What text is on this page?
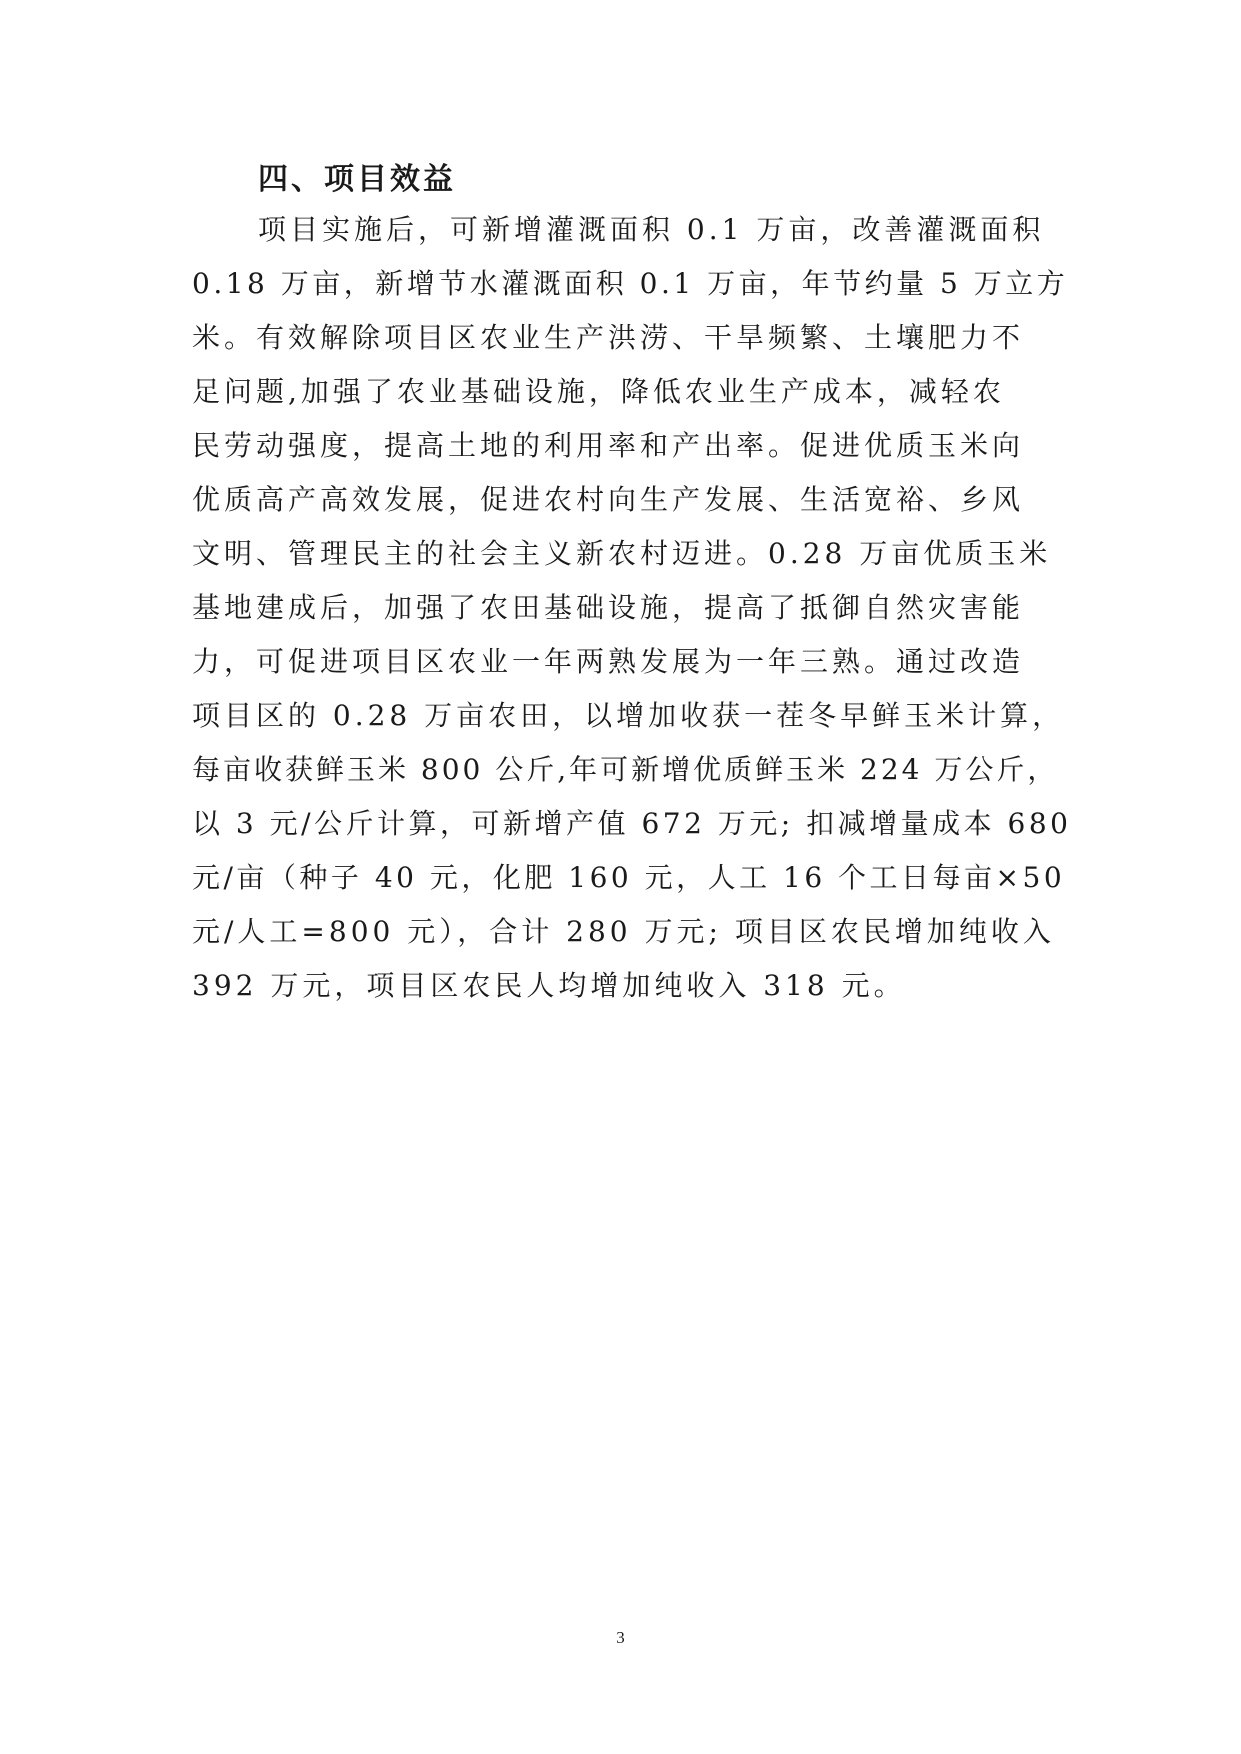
四、项目效益
项目实施后，可新增灌溉面积 0.1 万亩，改善灌溉面积
0.18 万亩，新增节水灌溉面积 0.1 万亩，年节约量 5 万立方
米。有效解除项目区农业生产洪涝、干旱频繁、土壤肥力不
足问题,加强了农业基础设施，降低农业生产成本，减轻农
民劳动强度，提高土地的利用率和产出率。促进优质玉米向
优质高产高效发展，促进农村向生产发展、生活宽裕、乡风
文明、管理民主的社会主义新农村迈进。0.28 万亩优质玉米
基地建成后，加强了农田基础设施，提高了抵御自然灾害能
力，可促进项目区农业一年两熟发展为一年三熟。通过改造
项目区的 0.28 万亩农田，以增加收获一茬冬早鲜玉米计算，
每亩收获鲜玉米 800 公斤,年可新增优质鲜玉米 224 万公斤，
以 3 元/公斤计算，可新增产值 672 万元; 扣减增量成本 680
元/亩（种子 40 元，化肥 160 元，人工 16 个工日每亩×50
元/人工=800 元），合计 280 万元; 项目区农民增加纯收入
392 万元，项目区农民人均增加纯收入 318 元。
3
